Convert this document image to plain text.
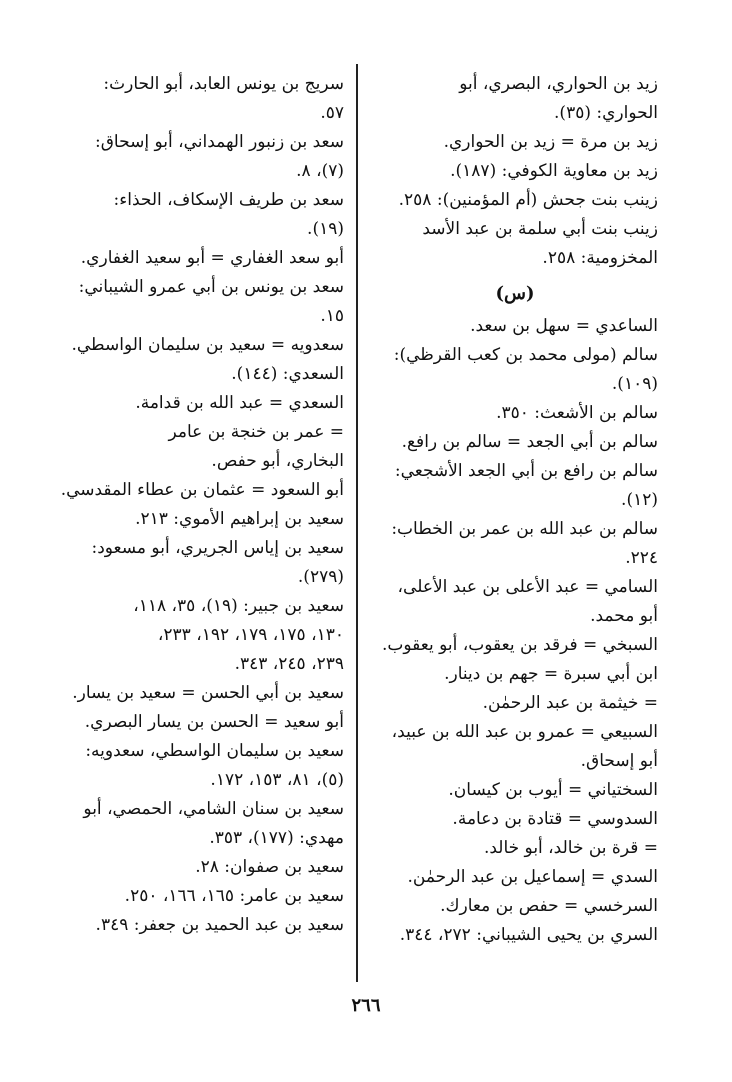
زيد بن الحواري، البصري، أبو
الحواري: (٣٥).
زيد بن مرة = زيد بن الحواري.
زيد بن معاوية الكوفي: (١٨٧).
زينب بنت جحش (أم المؤمنين): ٢٥٨.
زينب بنت أبي سلمة بن عبد الأسد
المخزومية: ٢٥٨.
(س)
الساعدي = سهل بن سعد.
سالم (مولى محمد بن كعب القرظي):
(١٠٩).
سالم بن الأشعث: ٣٥٠.
سالم بن أبي الجعد = سالم بن رافع.
سالم بن رافع بن أبي الجعد الأشجعي:
(١٢).
سالم بن عبد الله بن عمر بن الخطاب:
٢٢٤.
السامي = عبد الأعلى بن عبد الأعلى،
أبو محمد.
السبخي = فرقد بن يعقوب، أبو يعقوب.
ابن أبي سبرة = جهم بن دينار.
= خيثمة بن عبد الرحمٰن.
السبيعي = عمرو بن عبد الله بن عبيد،
أبو إسحاق.
السختياني = أيوب بن كيسان.
السدوسي = قتادة بن دعامة.
= قرة بن خالد، أبو خالد.
السدي = إسماعيل بن عبد الرحمٰن.
السرخسي = حفص بن معارك.
السري بن يحيى الشيباني: ٢٧٢، ٣٤٤.
سريج بن يونس العابد، أبو الحارث:
٥٧.
سعد بن زنبور الهمداني، أبو إسحاق:
(٧)، ٨.
سعد بن طريف الإسكاف، الحذاء:
(١٩).
أبو سعد الغفاري = أبو سعيد الغفاري.
سعد بن يونس بن أبي عمرو الشيباني:
١٥.
سعدويه = سعيد بن سليمان الواسطي.
السعدي: (١٤٤).
السعدي = عبد الله بن قدامة.
= عمر بن خنجة بن عامر
البخاري، أبو حفص.
أبو السعود = عثمان بن عطاء المقدسي.
سعيد بن إبراهيم الأموي: ٢١٣.
سعيد بن إياس الجريري، أبو مسعود:
(٢٧٩).
سعيد بن جبير: (١٩)، ٣٥، ١١٨،
١٣٠، ١٧٥، ١٧٩، ١٩٢، ٢٣٣،
٢٣٩، ٢٤٥، ٣٤٣.
سعيد بن أبي الحسن = سعيد بن يسار.
أبو سعيد = الحسن بن يسار البصري.
سعيد بن سليمان الواسطي، سعدويه:
(٥)، ٨١، ١٥٣، ١٧٢.
سعيد بن سنان الشامي، الحمصي، أبو
مهدي: (١٧٧)، ٣٥٣.
سعيد بن صفوان: ٢٨.
سعيد بن عامر: ١٦٥، ١٦٦، ٢٥٠.
سعيد بن عبد الحميد بن جعفر: ٣٤٩.
٢٦٦
